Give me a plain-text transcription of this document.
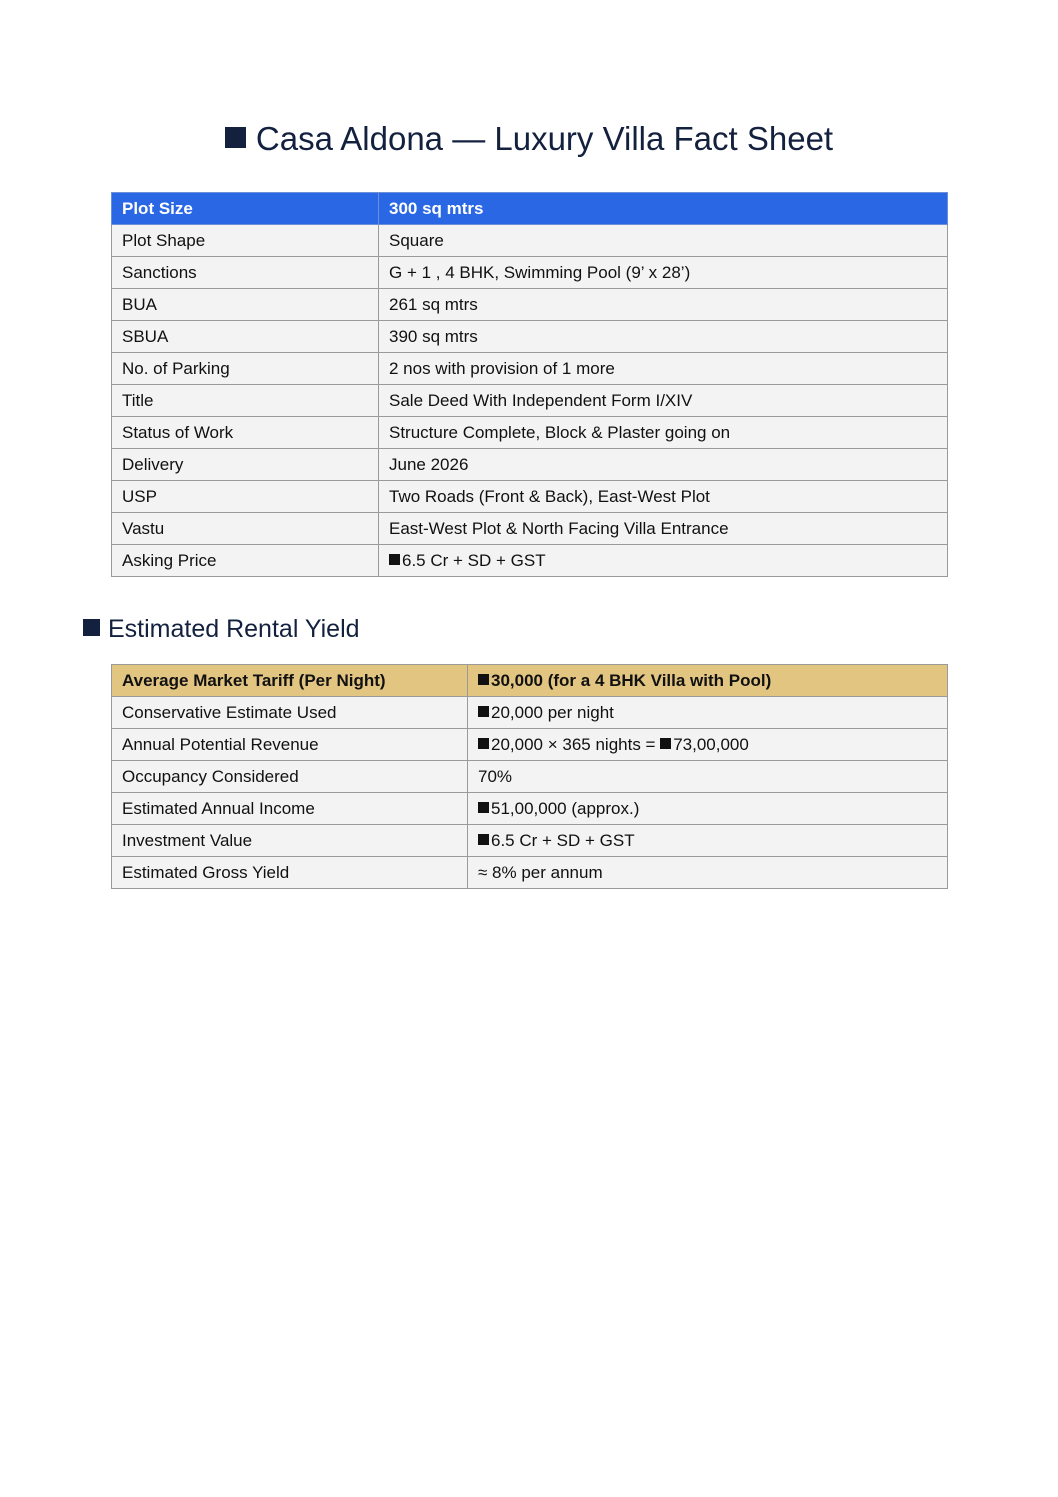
Casa Aldona — Luxury Villa Fact Sheet
Plot Size	300 sq mtrs
Plot Shape	Square
Sanctions	G + 1 , 4 BHK, Swimming Pool (9’ x 28’)
BUA	261 sq mtrs
SBUA	390 sq mtrs
No. of Parking	2 nos with provision of 1 more
Title	Sale Deed With Independent Form I/XIV
Status of Work	Structure Complete, Block & Plaster going on
Delivery	June 2026
USP	Two Roads (Front & Back), East-West Plot
Vastu	East-West Plot & North Facing Villa Entrance
Asking Price	6.5 Cr + SD + GST
Estimated Rental Yield
Average Market Tariff (Per Night)	30,000 (for a 4 BHK Villa with Pool)
Conservative Estimate Used	20,000 per night
Annual Potential Revenue	20,000 × 365 nights = 73,00,000
Occupancy Considered	70%
Estimated Annual Income	51,00,000 (approx.)
Investment Value	6.5 Cr + SD + GST
Estimated Gross Yield	≈ 8% per annum
